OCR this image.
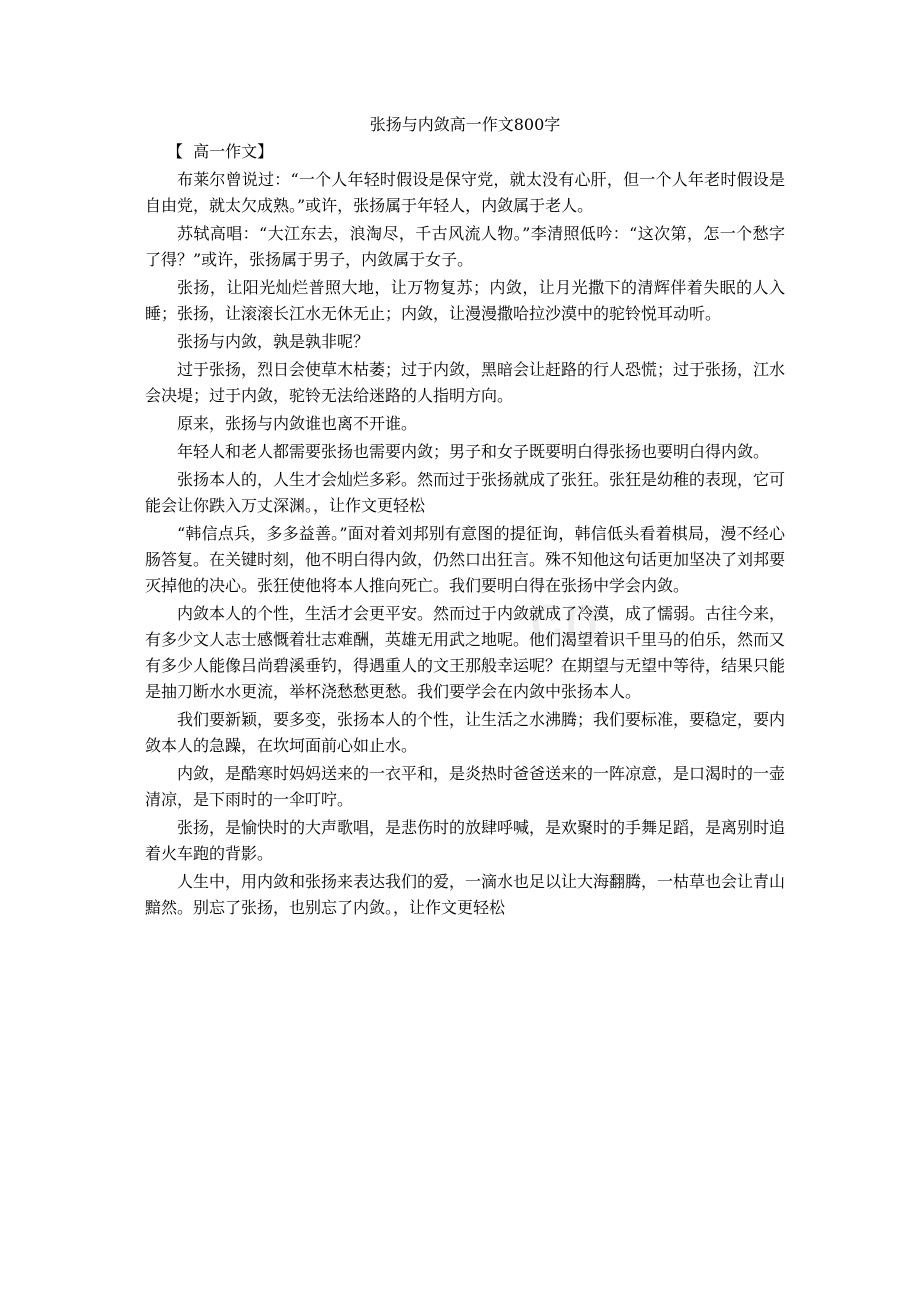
cn
张扬与内敛高一作文800字
【  高一作文】

布莱尔曾说过：“一个人年轻时假设是保守党，就太没有心肝，但一个人年老时假设是自由党，就太欠成熟。”或许，张扬属于年轻人，内敛属于老人。

苏轼高唱：“大江东去，浪淘尽，千古风流人物。”李清照低吟：“这次第，怎一个愁字了得？”或许，张扬属于男子，内敛属于女子。

张扬，让阳光灿烂普照大地，让万物复苏；内敛，让月光撒下的清辉伴着失眠的人入睡；张扬，让滚滚长江水无休无止；内敛，让漫漫撒哈拉沙漠中的驼铃悦耳动听。

张扬与内敛，孰是孰非呢？

过于张扬，烈日会使草木枯萎；过于内敛，黑暗会让赶路的行人恐慌；过于张扬，江水会决堤；过于内敛，驼铃无法给迷路的人指明方向。

原来，张扬与内敛谁也离不开谁。

年轻人和老人都需要张扬也需要内敛；男子和女子既要明白得张扬也要明白得内敛。

张扬本人的，人生才会灿烂多彩。然而过于张扬就成了张狂。张狂是幼稚的表现，它可能会让你跌入万丈深渊。，让作文更轻松

“韩信点兵，多多益善。”面对着刘邦别有意图的提征询，韩信低头看着棋局，漫不经心肠答复。在关键时刻，他不明白得内敛，仍然口出狂言。殊不知他这句话更加坚决了刘邦要灭掉他的决心。张狂使他将本人推向死亡。我们要明白得在张扬中学会内敛。

内敛本人的个性，生活才会更平安。然而过于内敛就成了冷漠，成了懦弱。古往今来，有多少文人志士感慨着壮志难酬，英雄无用武之地呢。他们渴望着识千里马的伯乐，然而又有多少人能像吕尚碧溪垂钓，得遇重人的文王那般幸运呢？在期望与无望中等待，结果只能是抽刀断水水更流，举杯浇愁愁更愁。我们要学会在内敛中张扬本人。

我们要新颖，要多变，张扬本人的个性，让生活之水沸腾；我们要标准，要稳定，要内敛本人的急躁，在坎坷面前心如止水。

内敛，是酷寒时妈妈送来的一衣平和，是炎热时爸爸送来的一阵凉意，是口渴时的一壶清凉，是下雨时的一伞叮咛。

张扬，是愉快时的大声歌唱，是悲伤时的放肆呼喊，是欢聚时的手舞足蹈，是离别时追着火车跑的背影。

人生中，用内敛和张扬来表达我们的爱，一滴水也足以让大海翻腾，一枯草也会让青山黯然。别忘了张扬，也别忘了内敛。，让作文更轻松
